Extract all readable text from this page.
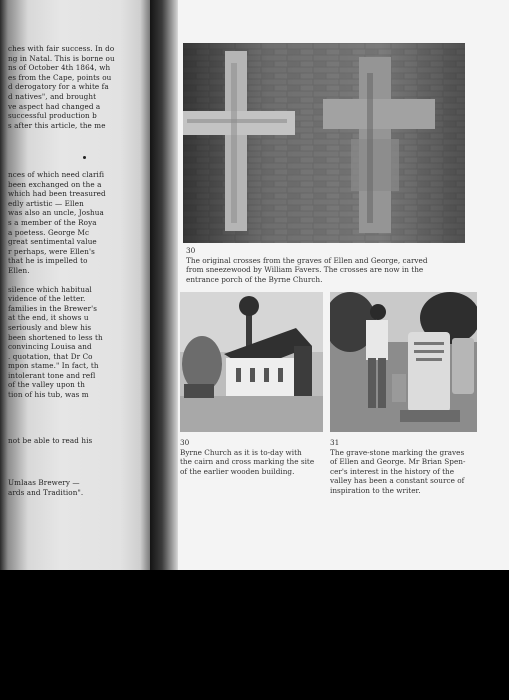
ches with fair success. In do
ng in Natal. This is borne ou
ns of October 4th 1864, wh
es from the Cape, points ou
d derogatory for a white fa
d natives", and brought
ve aspect had changed a
successful production b
s after this article, the me
nces of which need clarifi
been exchanged on the a
which had been treasured
edly artistic — Ellen
was also an uncle, Joshua
s a member of the Roya
a poetess. George Mc
great sentimental value
r perhaps, were Ellen's
that he is impelled to
Ellen.
silence which habitual
vidence of the letter.
families in the Brewer's
at the end, it shows u
seriously and blew his
been shortened to less th
convincing Louisa and
. quotation, that Dr Co
mpon stame." In fact, th
intolerant tone and refl
of the valley upon th
tion of his tub, was m
not be able to read his
Umlaas Brewery —
ards and Tradition".
30
The original crosses from the graves of Ellen and George, carved
from sneezewood by William Favers. The crosses are now in the
entrance porch of the Byrne Church.
30
Byrne Church as it is to-day with
the cairn and cross marking the site
of the earlier wooden building.
31
The grave-stone marking the graves
of Ellen and George. Mr Brian Spen-
cer's interest in the history of the
valley has been a constant source of
inspiration to the writer.
